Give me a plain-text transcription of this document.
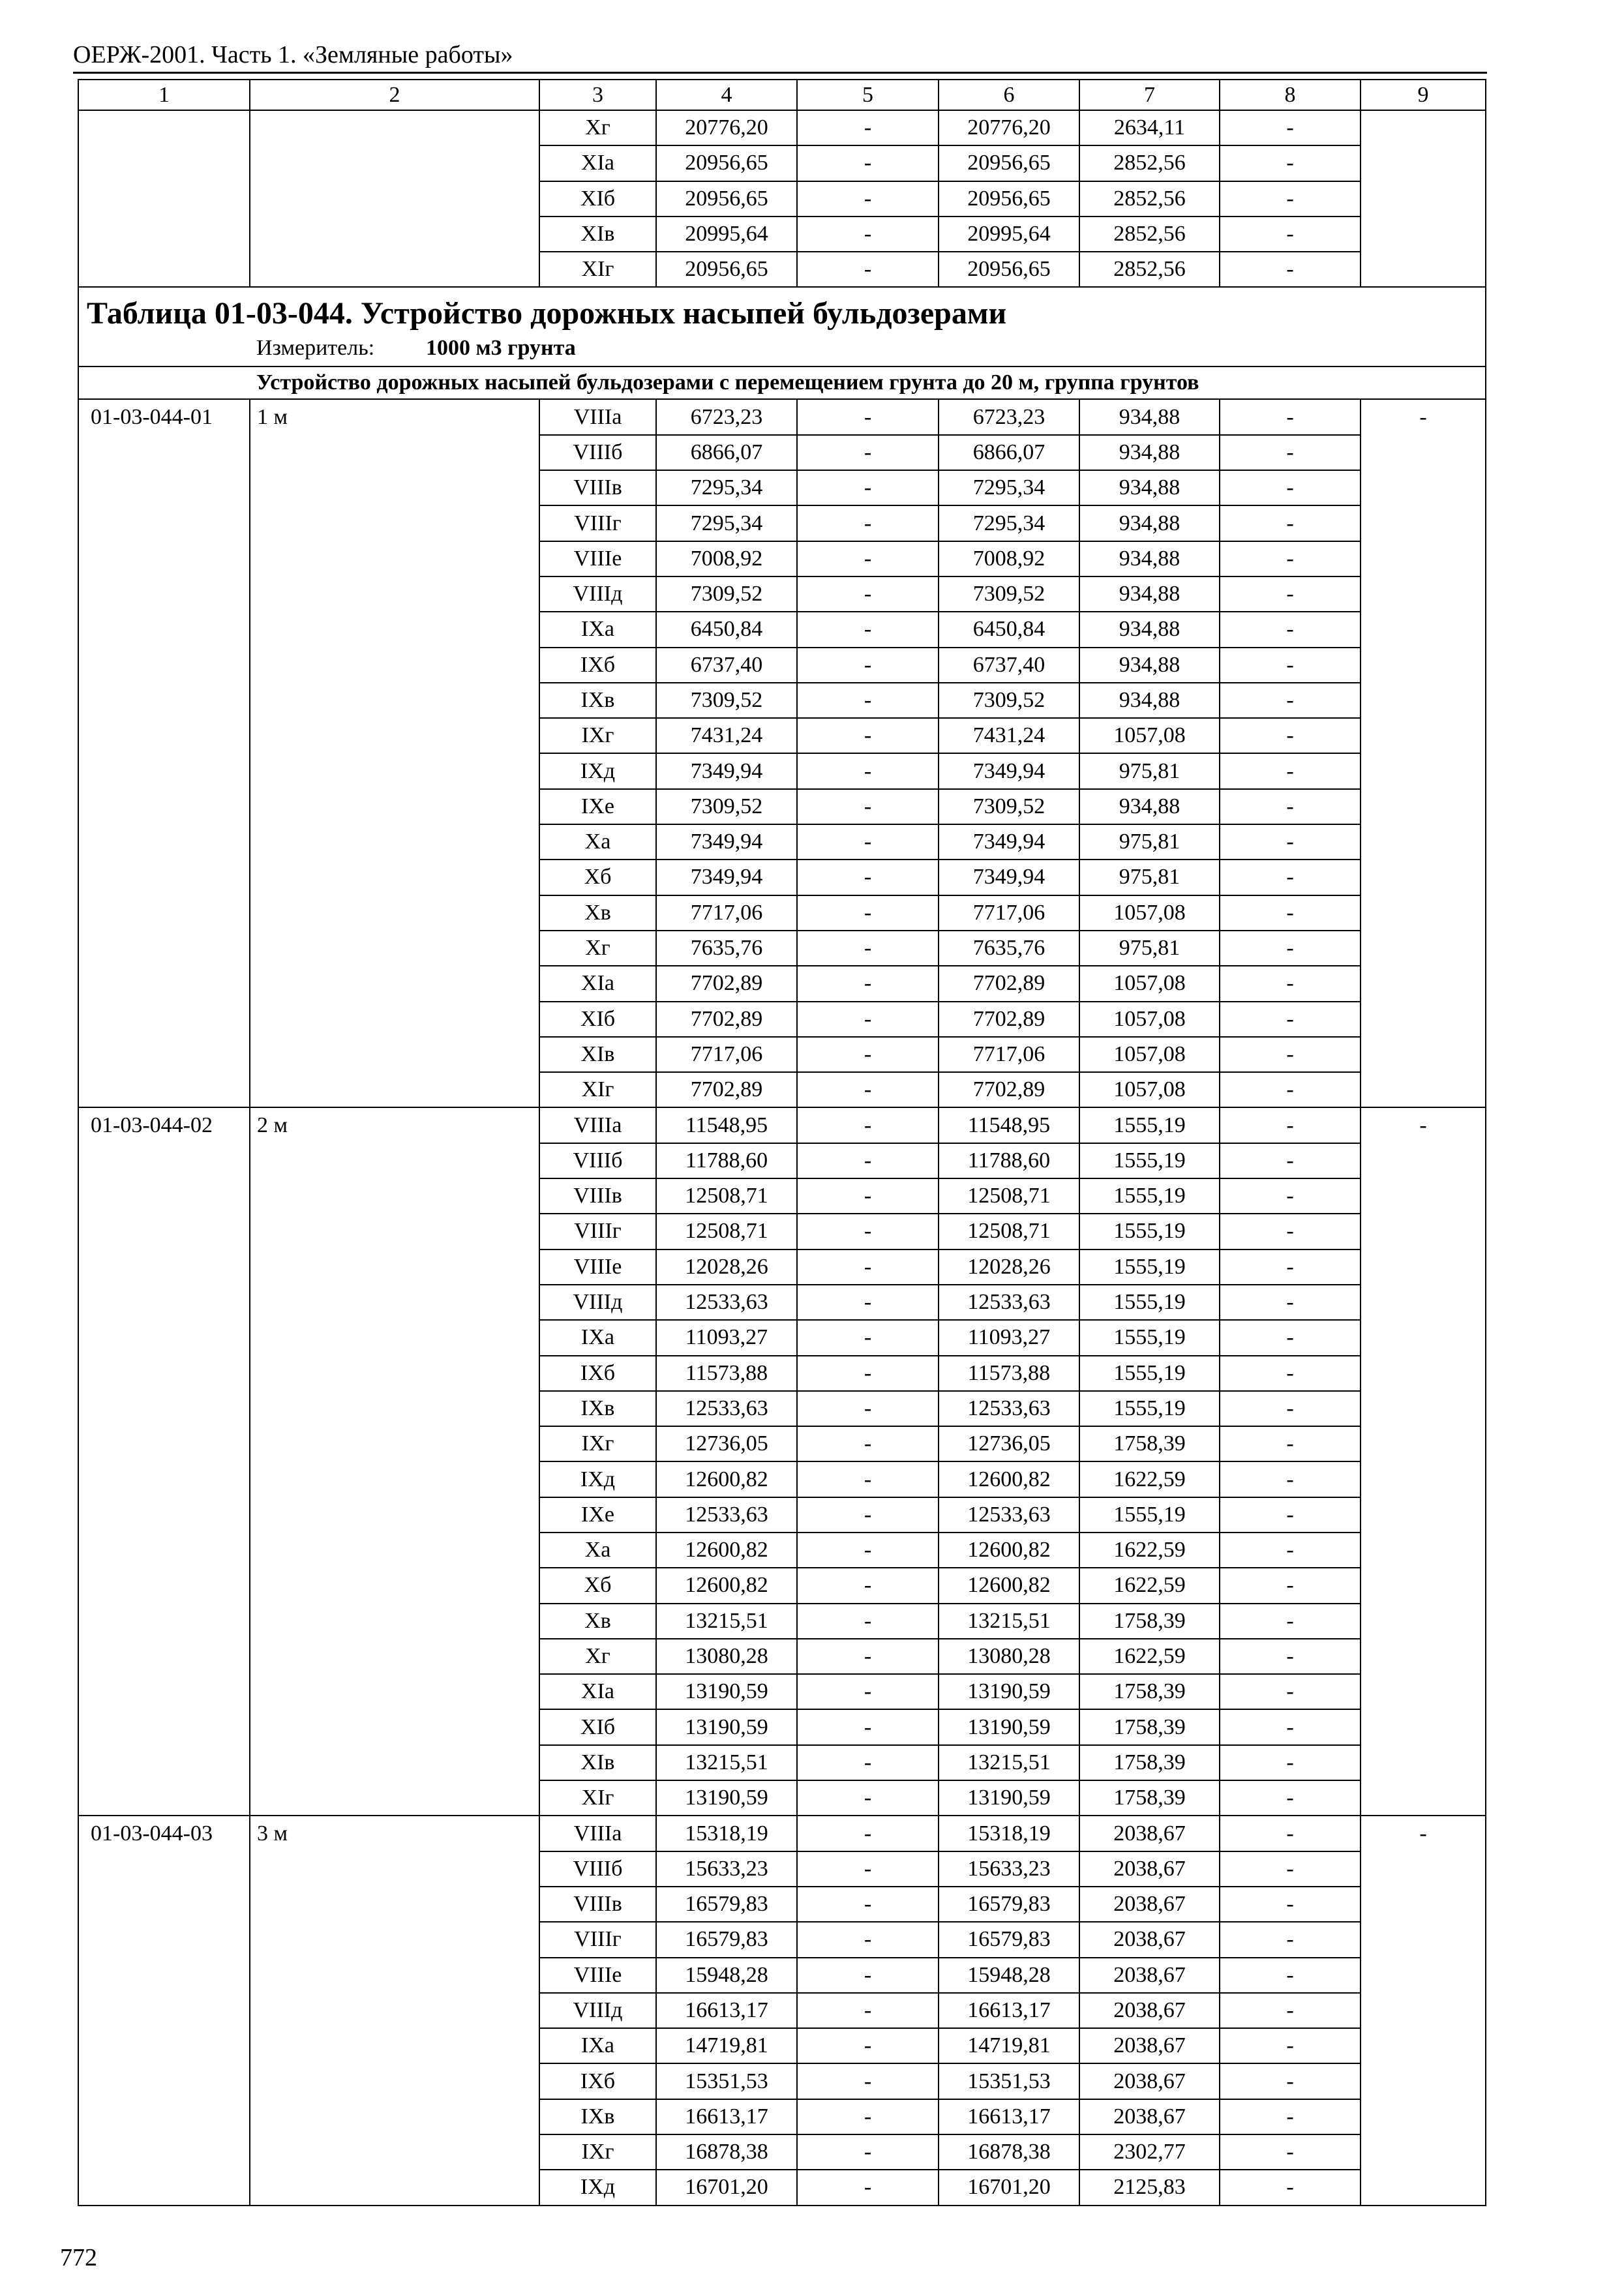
ОЕРЖ-2001. Часть 1. «Земляные работы»
1	2	3	4	5	6	7	8	9
		Xг	20776,20	-	20776,20	2634,11	-	
		XIа	20956,65	-	20956,65	2852,56	-	
		XIб	20956,65	-	20956,65	2852,56	-	
		XIв	20995,64	-	20995,64	2852,56	-	
		XIг	20956,65	-	20956,65	2852,56	-	

Таблица 01-03-044. Устройство дорожных насыпей бульдозерами
Измеритель: 1000 м3 грунта								

Устройство дорожных насыпей бульдозерами с перемещением грунта до 20 м, группа грунтов								
01-03-044-01	1 м	VIIIа	6723,23	-	6723,23	934,88	-	-
		VIIIб	6866,07	-	6866,07	934,88	-	
		VIIIв	7295,34	-	7295,34	934,88	-	
		VIIIг	7295,34	-	7295,34	934,88	-	
		VIIIе	7008,92	-	7008,92	934,88	-	
		VIIIд	7309,52	-	7309,52	934,88	-	
		IXа	6450,84	-	6450,84	934,88	-	
		IXб	6737,40	-	6737,40	934,88	-	
		IXв	7309,52	-	7309,52	934,88	-	
		IXг	7431,24	-	7431,24	1057,08	-	
		IXд	7349,94	-	7349,94	975,81	-	
		IXе	7309,52	-	7309,52	934,88	-	
		Xа	7349,94	-	7349,94	975,81	-	
		Xб	7349,94	-	7349,94	975,81	-	
		Xв	7717,06	-	7717,06	1057,08	-	
		Xг	7635,76	-	7635,76	975,81	-	
		XIа	7702,89	-	7702,89	1057,08	-	
		XIб	7702,89	-	7702,89	1057,08	-	
		XIв	7717,06	-	7717,06	1057,08	-	
		XIг	7702,89	-	7702,89	1057,08	-	
01-03-044-02	2 м	VIIIа	11548,95	-	11548,95	1555,19	-	-
		VIIIб	11788,60	-	11788,60	1555,19	-	
		VIIIв	12508,71	-	12508,71	1555,19	-	
		VIIIг	12508,71	-	12508,71	1555,19	-	
		VIIIе	12028,26	-	12028,26	1555,19	-	
		VIIIд	12533,63	-	12533,63	1555,19	-	
		IXа	11093,27	-	11093,27	1555,19	-	
		IXб	11573,88	-	11573,88	1555,19	-	
		IXв	12533,63	-	12533,63	1555,19	-	
		IXг	12736,05	-	12736,05	1758,39	-	
		IXд	12600,82	-	12600,82	1622,59	-	
		IXе	12533,63	-	12533,63	1555,19	-	
		Xа	12600,82	-	12600,82	1622,59	-	
		Xб	12600,82	-	12600,82	1622,59	-	
		Xв	13215,51	-	13215,51	1758,39	-	
		Xг	13080,28	-	13080,28	1622,59	-	
		XIа	13190,59	-	13190,59	1758,39	-	
		XIб	13190,59	-	13190,59	1758,39	-	
		XIв	13215,51	-	13215,51	1758,39	-	
		XIг	13190,59	-	13190,59	1758,39	-	
01-03-044-03	3 м	VIIIа	15318,19	-	15318,19	2038,67	-	-
		VIIIб	15633,23	-	15633,23	2038,67	-	
		VIIIв	16579,83	-	16579,83	2038,67	-	
		VIIIг	16579,83	-	16579,83	2038,67	-	
		VIIIе	15948,28	-	15948,28	2038,67	-	
		VIIIд	16613,17	-	16613,17	2038,67	-	
		IXа	14719,81	-	14719,81	2038,67	-	
		IXб	15351,53	-	15351,53	2038,67	-	
		IXв	16613,17	-	16613,17	2038,67	-	
		IXг	16878,38	-	16878,38	2302,77	-	
		IXд	16701,20	-	16701,20	2125,83	-	
772
